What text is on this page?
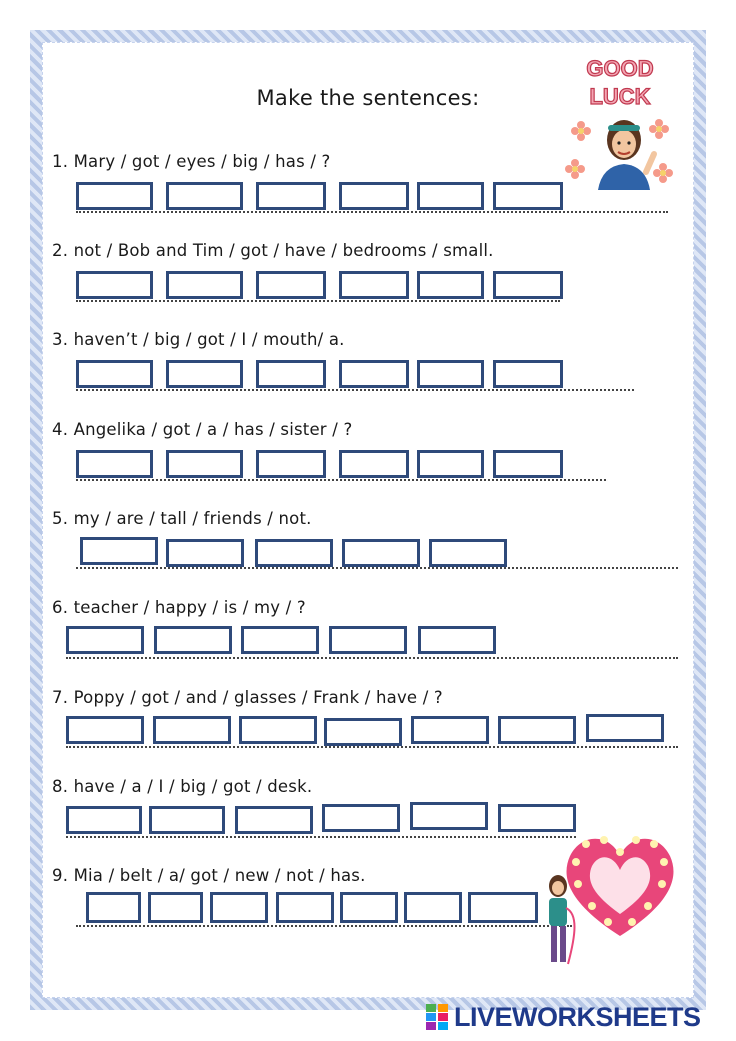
Make the sentences:
GOOD
LUCK
1. Mary / got / eyes / big / has / ?
2. not / Bob and Tim / got / have / bedrooms / small.
3. haven’t / big / got / I / mouth/ a.
4. Angelika / got / a / has / sister / ?
5. my / are / tall / friends / not.
6. teacher / happy / is / my / ?
7. Poppy / got / and / glasses / Frank / have / ?
8. have / a / I / big / got / desk.
9. Mia / belt / a/ got / new / not / has.
LIVEWORKSHEETS
